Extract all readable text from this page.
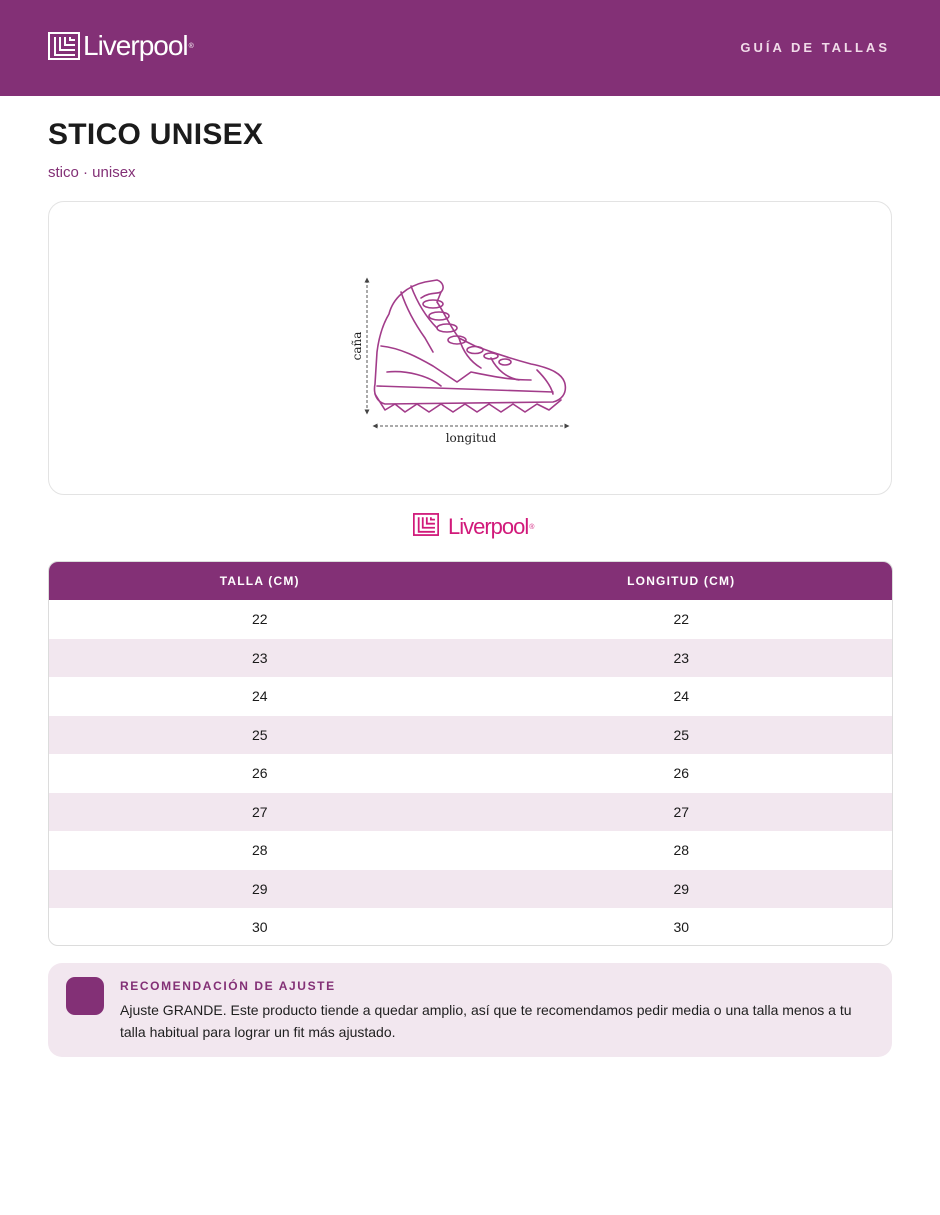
Liverpool ®	GUÍA DE TALLAS
STICO UNISEX
stico · unisex
caña
longitud
Liverpool ®
TALLA (CM)	LONGITUD (CM)
22	22
23	23
24	24
25	25
26	26
27	27
28	28
29	29
30	30
RECOMENDACIÓN DE AJUSTE
Ajuste GRANDE. Este producto tiende a quedar amplio, así que te recomendamos pedir media o una talla menos a tu talla habitual para lograr un fit más ajustado.
